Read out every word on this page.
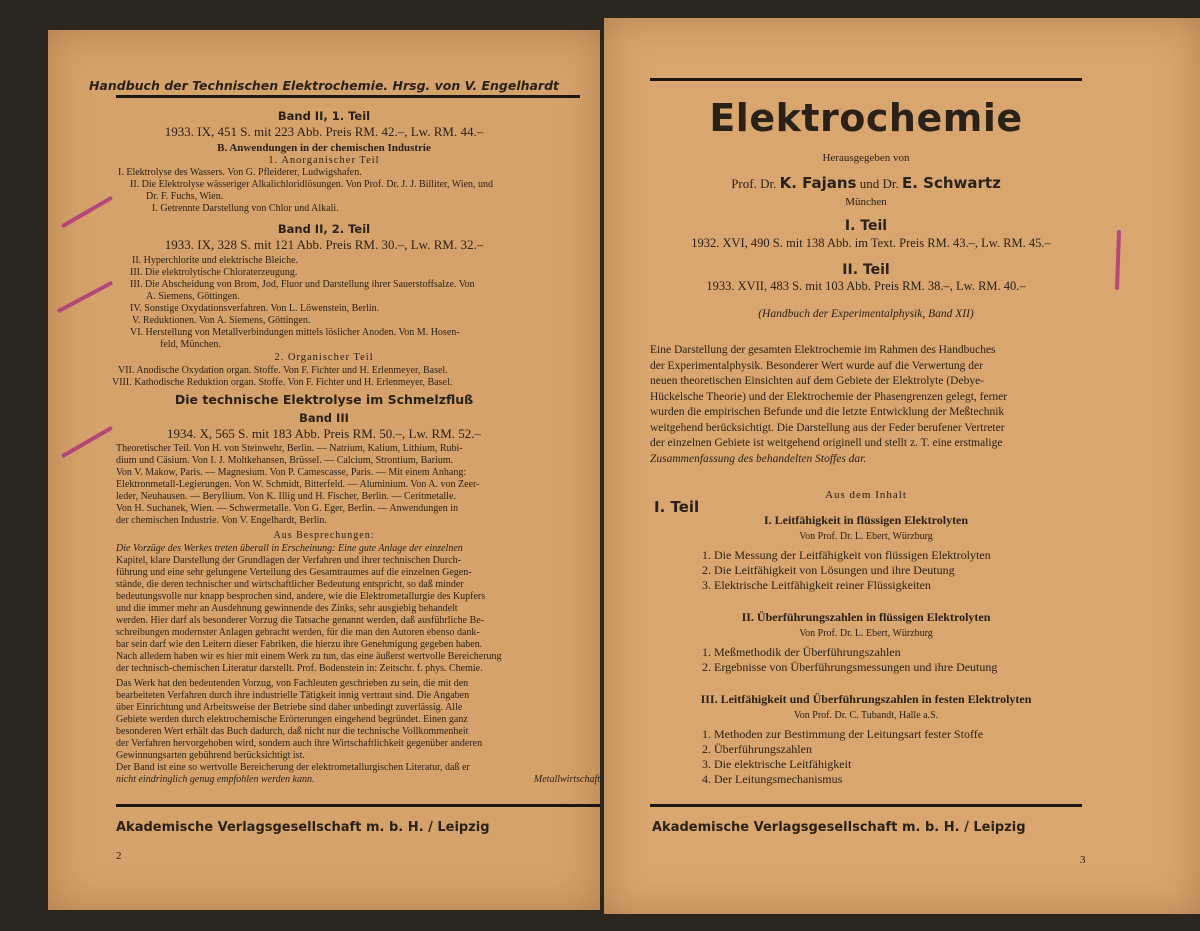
Handbuch der Technischen Elektrochemie. Hrsg. von V. Engelhardt
Band II, 1. Teil
1933. IX, 451 S. mit 223 Abb. Preis RM. 42.–, Lw. RM. 44.–
B. Anwendungen in der chemischen Industrie
1. Anorganischer Teil
I. Elektrolyse des Wassers. Von G. Pfleiderer, Ludwigshafen.
II. Die Elektrolyse wässeriger Alkalichloridlösungen. Von Prof. Dr. J. J. Billiter, Wien, und
Dr. F. Fuchs, Wien.
I. Getrennte Darstellung von Chlor und Alkali.
Band II, 2. Teil
1933. IX, 328 S. mit 121 Abb. Preis RM. 30.–, Lw. RM. 32.–
II. Hyperchlorite und elektrische Bleiche.
III. Die elektrolytische Chloraterzeugung.
III. Die Abscheidung von Brom, Jod, Fluor und Darstellung ihrer Sauerstoffsalze. Von
A. Siemens, Göttingen.
IV. Sonstige Oxydationsverfahren. Von L. Löwenstein, Berlin.
V. Reduktionen. Von A. Siemens, Göttingen.
VI. Herstellung von Metallverbindungen mittels löslicher Anoden. Von M. Hosen-
feld, München.
2. Organischer Teil
VII. Anodische Oxydation organ. Stoffe. Von F. Fichter und H. Erlenmeyer, Basel.
VIII. Kathodische Reduktion organ. Stoffe. Von F. Fichter und H. Erlenmeyer, Basel.
Die technische Elektrolyse im Schmelzfluß
Band III
1934. X, 565 S. mit 183 Abb. Preis RM. 50.–, Lw. RM. 52.–
Theoretischer Teil. Von H. von Steinwehr, Berlin. — Natrium, Kalium, Lithium, Rubi-
dium und Cäsium. Von I. J. Moltkehansen, Brüssel. — Calcium, Strontium, Barium.
Von V. Makow, Paris. — Magnesium. Von P. Camescasse, Paris. — Mit einem Anhang:
Elektronmetall-Legierungen. Von W. Schmidt, Bitterfeld. — Aluminium. Von A. von Zeer-
leder, Neuhausen. — Beryllium. Von K. Illig und H. Fischer, Berlin. — Ceritmetalle.
Von H. Suchanek, Wien. — Schwermetalle. Von G. Eger, Berlin. — Anwendungen in
der chemischen Industrie. Von V. Engelhardt, Berlin.
Aus Besprechungen:
Die Vorzüge des Werkes treten überall in Erscheinung: Eine gute Anlage der einzelnen
Kapitel, klare Darstellung der Grundlagen der Verfahren und ihrer technischen Durch-
führung und eine sehr gelungene Verteilung des Gesamtraumes auf die einzelnen Gegen-
stände, die deren technischer und wirtschaftlicher Bedeutung entspricht, so daß minder
bedeutungsvolle nur knapp besprochen sind, andere, wie die Elektrometallurgie des Kupfers
und die immer mehr an Ausdehnung gewinnende des Zinks, sehr ausgiebig behandelt
werden. Hier darf als besonderer Vorzug die Tatsache genannt werden, daß ausführliche Be-
schreibungen modernster Anlagen gebracht werden, für die man den Autoren ebenso dank-
bar sein darf wie den Leitern dieser Fabriken, die hierzu ihre Genehmigung gegeben haben.
Nach alledem haben wir es hier mit einem Werk zu tun, das eine äußerst wertvolle Bereicherung
der technisch-chemischen Literatur darstellt. Prof. Bodenstein in: Zeitschr. f. phys. Chemie.
Das Werk hat den bedeutenden Vorzug, von Fachleuten geschrieben zu sein, die mit den
bearbeiteten Verfahren durch ihre industrielle Tätigkeit innig vertraut sind. Die Angaben
über Einrichtung und Arbeitsweise der Betriebe sind daher unbedingt zuverlässig. Alle
Gebiete werden durch elektrochemische Erörterungen eingehend begründet. Einen ganz
besonderen Wert erhält das Buch dadurch, daß nicht nur die technische Vollkommenheit
der Verfahren hervorgehoben wird, sondern auch ihre Wirtschaftlichkeit gegenüber anderen
Gewinnungsarten gebührend berücksichtigt ist.
Der Band ist eine so wertvolle Bereicherung der elektrometallurgischen Literatur, daß er
nicht eindringlich genug empfohlen werden kann.	Metallwirtschaft
Akademische Verlagsgesellschaft m. b. H. / Leipzig
2
Elektrochemie
Herausgegeben von
Prof. Dr. K. Fajans und Dr. E. Schwartz
München
I. Teil
1932. XVI, 490 S. mit 138 Abb. im Text. Preis RM. 43.–, Lw. RM. 45.–
II. Teil
1933. XVII, 483 S. mit 103 Abb. Preis RM. 38.–, Lw. RM. 40.–
(Handbuch der Experimentalphysik, Band XII)
Eine Darstellung der gesamten Elektrochemie im Rahmen des Handbuches
der Experimentalphysik. Besonderer Wert wurde auf die Verwertung der
neuen theoretischen Einsichten auf dem Gebiete der Elektrolyte (Debye-
Hückelsche Theorie) und der Elektrochemie der Phasengrenzen gelegt, ferner
wurden die empirischen Befunde und die letzte Entwicklung der Meßtechnik
weitgehend berücksichtigt. Die Darstellung aus der Feder berufener Vertreter
der einzelnen Gebiete ist weitgehend originell und stellt z. T. eine erstmalige
Zusammenfassung des behandelten Stoffes dar.
I. Teil
Aus dem Inhalt
I. Leitfähigkeit in flüssigen Elektrolyten
Von Prof. Dr. L. Ebert, Würzburg
1. Die Messung der Leitfähigkeit von flüssigen Elektrolyten
2. Die Leitfähigkeit von Lösungen und ihre Deutung
3. Elektrische Leitfähigkeit reiner Flüssigkeiten
II. Überführungszahlen in flüssigen Elektrolyten
Von Prof. Dr. L. Ebert, Würzburg
1. Meßmethodik der Überführungszahlen
2. Ergebnisse von Überführungsmessungen und ihre Deutung
III. Leitfähigkeit und Überführungszahlen in festen Elektrolyten
Von Prof. Dr. C. Tubandt, Halle a.S.
1. Methoden zur Bestimmung der Leitungsart fester Stoffe
2. Überführungszahlen
3. Die elektrische Leitfähigkeit
4. Der Leitungsmechanismus
Akademische Verlagsgesellschaft m. b. H. / Leipzig
3
